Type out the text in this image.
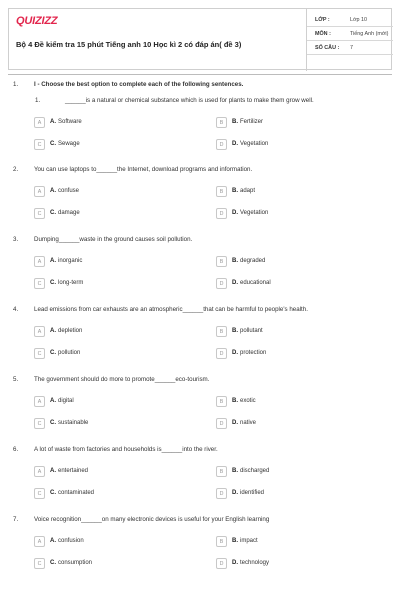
QUIZIZZ
Bộ 4 Đề kiểm tra 15 phút Tiếng anh 10 Học kì 2 có đáp án( đề 3)
LỚP :	Lớp 10
MÔN :	Tiếng Anh (mới)
SỐ CÂU : 7
1.	I - Choose the best option to complete each of the following sentences.
1.	______is a natural or chemical substance which is used for plants to make them grow well.
A	A. Software	B	B. Fertilizer
C	C. Sewage	D	D. Vegetation
2.	You can use laptops to______the Internet, download programs and information.
A	A. confuse	B	B. adapt
C	C. damage	D	D. Vegetation
3.	Dumping______waste in the ground causes soil pollution.
A	A. inorganic	B	B. degraded
C	C. long-term	D	D. educational
4.	Lead emissions from car exhausts are an atmospheric______that can be harmful to people's health.
A	A. depletion	B	B. pollutant
C	C. pollution	D	D. protection
5.	The government should do more to promote______eco-tourism.
A	A. digital	B	B. exotic
C	C. sustainable	D	D. native
6.	A lot of waste from factories and households is______into the river.
A	A. entertained	B	B. discharged
C	C. contaminated	D	D. identified
7.	Voice recognition______on many electronic devices is useful for your English learning
A	A. confusion	B	B. impact
C	C. consumption	D	D. technology
